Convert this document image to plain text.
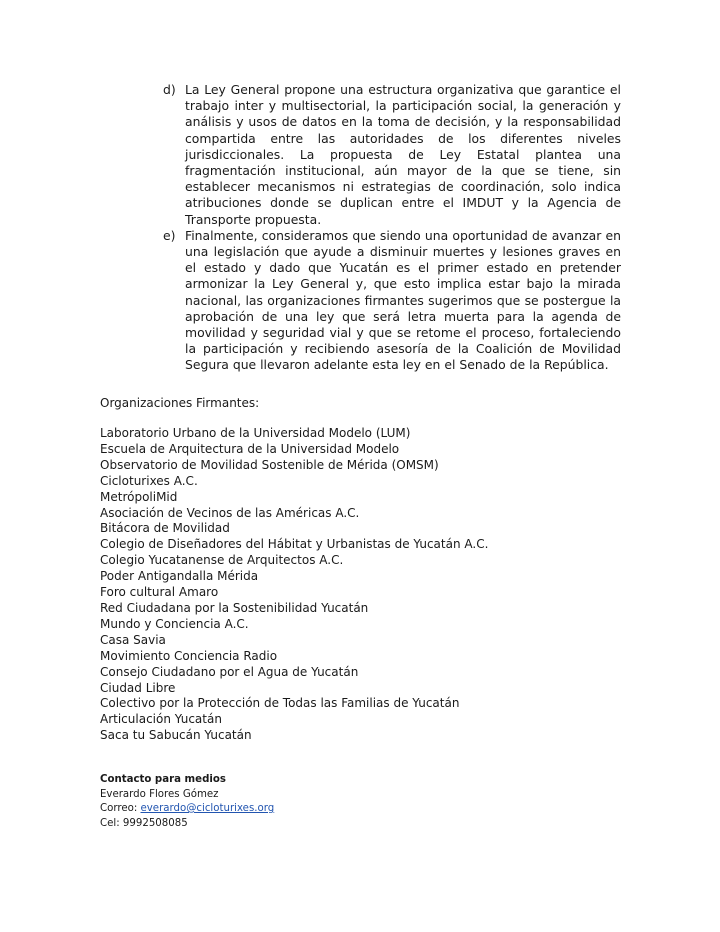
d) La Ley General propone una estructura organizativa que garantice el trabajo inter y multisectorial, la participación social, la generación y análisis y usos de datos en la toma de decisión, y la responsabilidad compartida entre las autoridades de los diferentes niveles jurisdiccionales. La propuesta de Ley Estatal plantea una fragmentación institucional, aún mayor de la que se tiene, sin establecer mecanismos ni estrategias de coordinación, solo indica atribuciones donde se duplican entre el IMDUT y la Agencia de Transporte propuesta.
e) Finalmente, consideramos que siendo una oportunidad de avanzar en una legislación que ayude a disminuir muertes y lesiones graves en el estado y dado que Yucatán es el primer estado en pretender armonizar la Ley General y, que esto implica estar bajo la mirada nacional, las organizaciones firmantes sugerimos que se postergue la aprobación de una ley que será letra muerta para la agenda de movilidad y seguridad vial y que se retome el proceso, fortaleciendo la participación y recibiendo asesoría de la Coalición de Movilidad Segura que llevaron adelante esta ley en el Senado de la República.

Organizaciones Firmantes:

Laboratorio Urbano de la Universidad Modelo (LUM)
Escuela de Arquitectura de la Universidad Modelo
Observatorio de Movilidad Sostenible de Mérida (OMSM)
Cicloturixes A.C.
MetrópoliMid
Asociación de Vecinos de las Américas A.C.
Bitácora de Movilidad
Colegio de Diseñadores del Hábitat y Urbanistas de Yucatán A.C.
Colegio Yucatanense de Arquitectos A.C.
Poder Antigandalla Mérida
Foro cultural Amaro
Red Ciudadana por la Sostenibilidad Yucatán
Mundo y Conciencia A.C.
Casa Savia
Movimiento Conciencia Radio
Consejo Ciudadano por el Agua de Yucatán
Ciudad Libre
Colectivo por la Protección de Todas las Familias de Yucatán
Articulación Yucatán
Saca tu Sabucán Yucatán
Contacto para medios
Everardo Flores Gómez
Correo: everardo@cicloturixes.org
Cel: 9992508085
